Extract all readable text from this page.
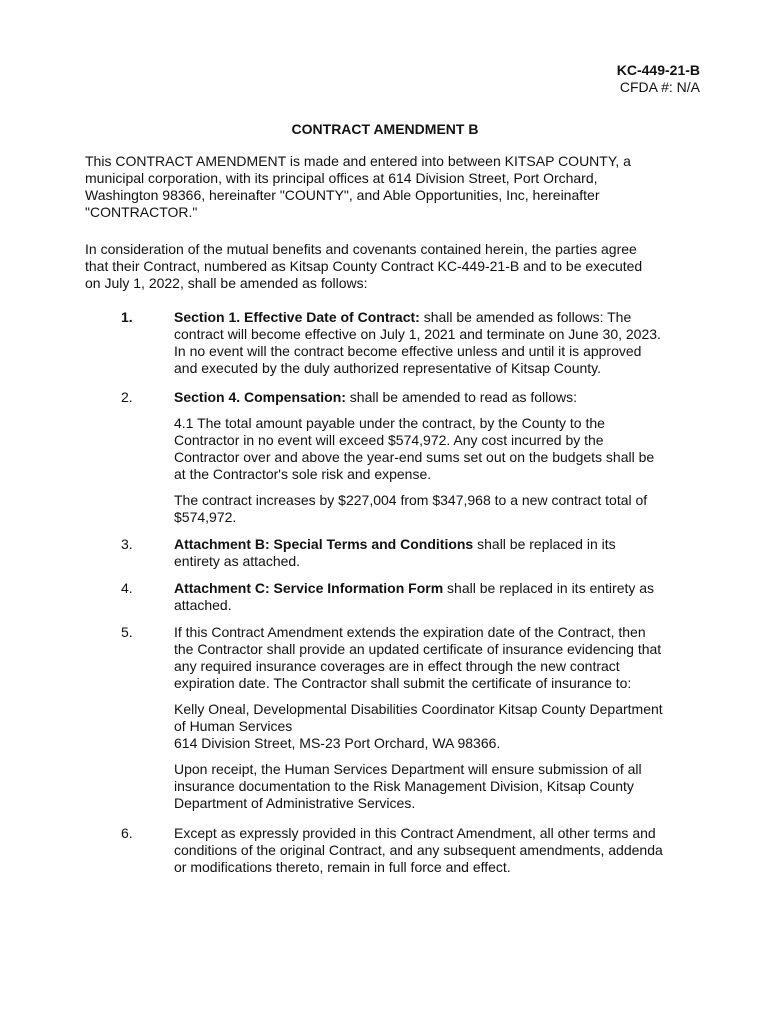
KC-449-21-B
CFDA #: N/A
CONTRACT AMENDMENT B
This CONTRACT AMENDMENT is made and entered into between KITSAP COUNTY, a
municipal corporation, with its principal offices at 614 Division Street, Port Orchard,
Washington 98366, hereinafter "COUNTY", and Able Opportunities, Inc, hereinafter
"CONTRACTOR."
In consideration of the mutual benefits and covenants contained herein, the parties agree
that their Contract, numbered as Kitsap County Contract KC-449-21-B and to be executed
on July 1, 2022, shall be amended as follows:
1.	Section 1. Effective Date of Contract: shall be amended as follows: The
contract will become effective on July 1, 2021 and terminate on June 30, 2023.
In no event will the contract become effective unless and until it is approved
and executed by the duly authorized representative of Kitsap County.

2.	Section 4. Compensation: shall be amended to read as follows:

4.1 The total amount payable under the contract, by the County to the
Contractor in no event will exceed $574,972. Any cost incurred by the
Contractor over and above the year-end sums set out on the budgets shall be
at the Contractor's sole risk and expense.

The contract increases by $227,004 from $347,968 to a new contract total of
$574,972.

3.	Attachment B: Special Terms and Conditions shall be replaced in its
entirety as attached.

4.	Attachment C: Service Information Form shall be replaced in its entirety as
attached.

5.	If this Contract Amendment extends the expiration date of the Contract, then
the Contractor shall provide an updated certificate of insurance evidencing that
any required insurance coverages are in effect through the new contract
expiration date. The Contractor shall submit the certificate of insurance to:

Kelly Oneal, Developmental Disabilities Coordinator Kitsap County Department
of Human Services
614 Division Street, MS-23 Port Orchard, WA 98366.

Upon receipt, the Human Services Department will ensure submission of all
insurance documentation to the Risk Management Division, Kitsap County
Department of Administrative Services.

6.	Except as expressly provided in this Contract Amendment, all other terms and
conditions of the original Contract, and any subsequent amendments, addenda
or modifications thereto, remain in full force and effect.
